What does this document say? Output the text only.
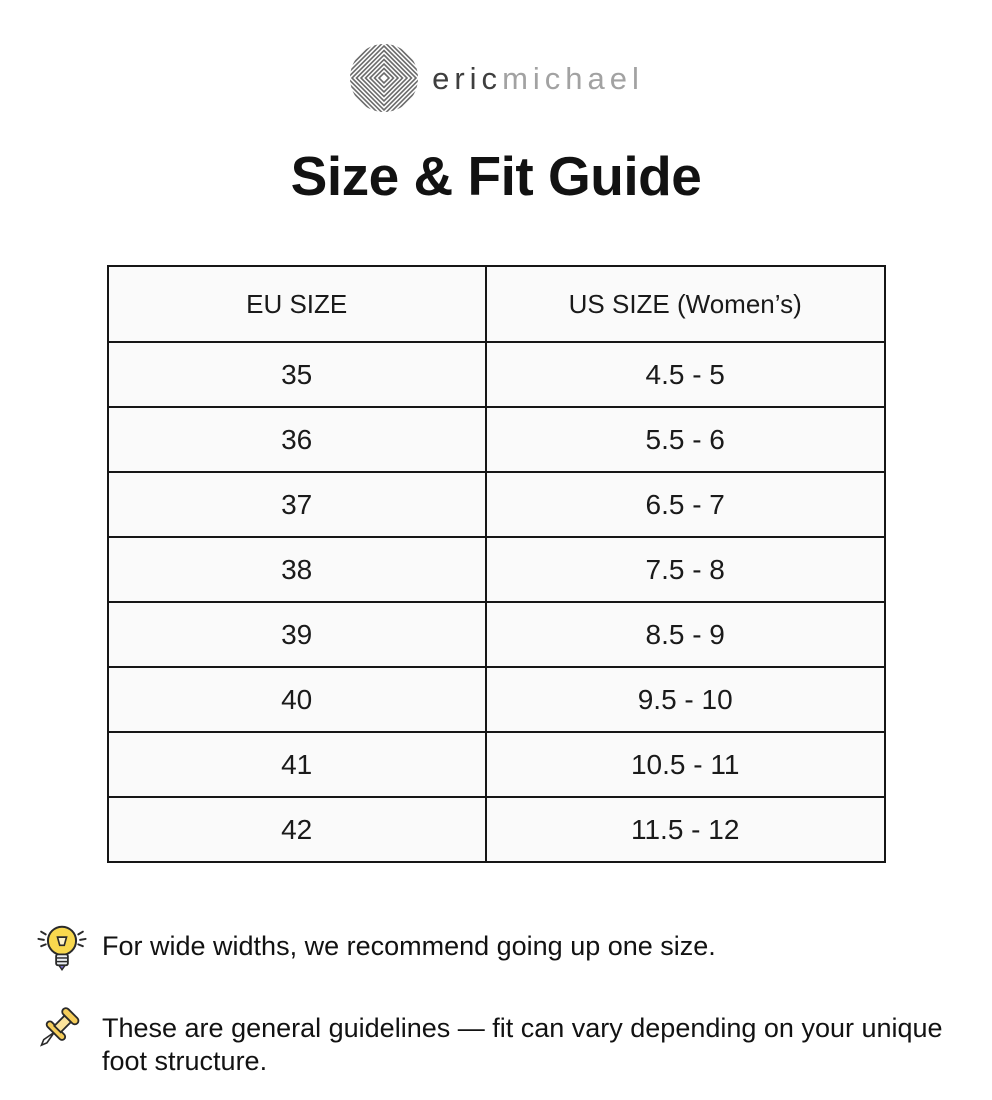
ericmichael
Size & Fit Guide
EU SIZE	US SIZE (Women’s)
35	4.5 - 5
36	5.5 - 6
37	6.5 - 7
38	7.5 - 8
39	8.5 - 9
40	9.5 - 10
41	10.5 - 11
42	11.5 - 12
For wide widths, we recommend going up one size.
These are general guidelines — fit can vary depending on your unique foot structure.
